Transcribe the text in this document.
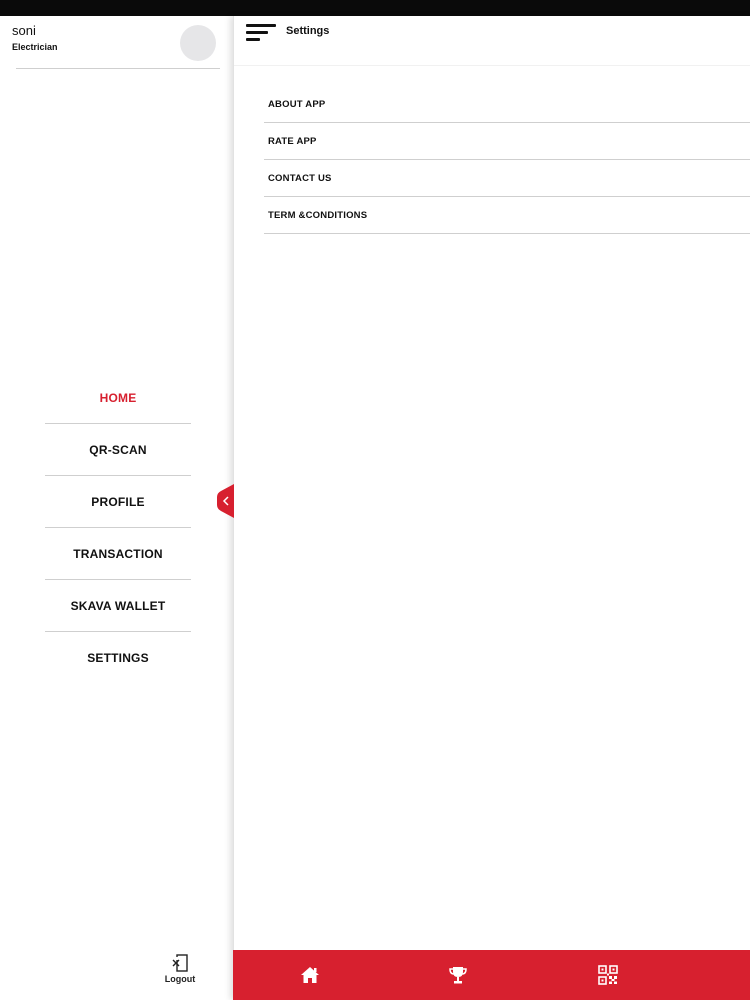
soni
Electrician
HOME
QR-SCAN
PROFILE
TRANSACTION
SKAVA WALLET
SETTINGS
Logout
Settings
ABOUT APP
RATE APP
CONTACT US
TERM &CONDITIONS
